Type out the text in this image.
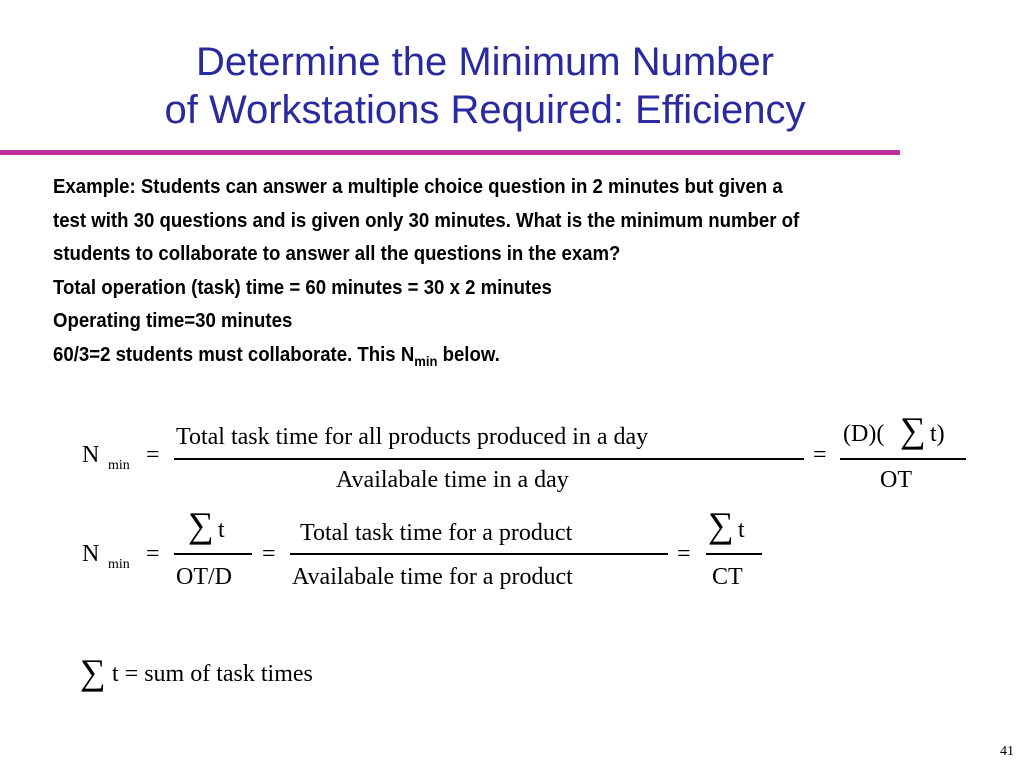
Determine the Minimum Number
of Workstations Required: Efficiency
Example: Students can answer a multiple choice question in 2 minutes but given a
test with 30 questions and is given only 30 minutes. What is the minimum number of
students to collaborate to answer all the questions in the exam?
Total operation (task) time = 60 minutes = 30 x 2 minutes
Operating time=30 minutes
60/3=2 students must collaborate. This $N_{min}$ below.
N min =
Total task time for all products produced in a day
Availabale time in a day
=
(D)( ∑ t)
OT
N min =
∑ t
OT/D
=
Total task time for a product
Availabale time for a product
=
∑ t
CT
∑ t = sum of task times
41
